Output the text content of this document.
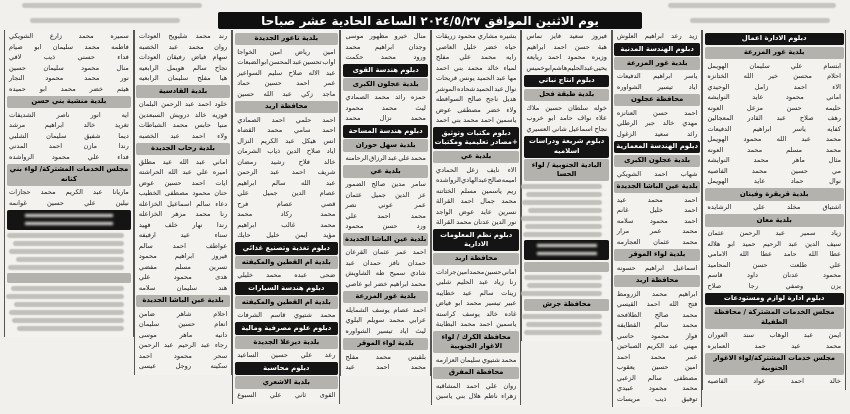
يوم الاثنين الموافق ٢٠٢٤/٥/٢٧ الساعة الحادية عشر صباحا
دبلوم الادارة اعمال
بلدية غور المزرعة
ابتسام
علي
سليمان
الهويمل
احلام
محسن
خير
الله
الختانزه
الاء
احمد
زامل
الوحيدي
اماني
محمود
عايد
النوايشه
حليمه
حسن
مزعل
العونه
رهف
صلاح
عبد
القادر
المعجالين
كفايه
ياسر
ابراهيم
الدفيعات
محمد
عبد
الله
محمود
الهويمل
محمد
مسلم
محمد
العونه
مثال
ماهر
محمد
النوايشه
مي
حسين
محمد
الفاصيه
نوال
حماد
عايد
الهويمل
بلدية قريقرة وفينان
اشتياق
مخلد
علي
الرشايده
بلدية معان
زياد
سمير
عبد
الرحمن
عثمان
سيف
الدين
عبد
الرحيم
حميد
ابو
هلاله
عطا
الله
حامد
عطا
الله
الامامي
علي
طلعت
حسن
المحاميد
محمود
عدنان
داود
قاسم
يزن
وصفي
رجا
صلاح
دبلوم ادارة لوازم ومستودعات
مجلس الخدمات المشتركة / محافظة الطفيلة
ايمن
عبد
الوهاب
سند
العوران
محمد
عيد
حمد
العمايره
مجلس خدمات المشتركة/لواء الاغوار الجنوبية
خالد
احمد
عواد
الفاصيه
زيد
رعد
ابراهيم
العلوش
دبلوم الهندسة المدنية
بلدية غور المزرعة
ياسر
ابراهيم
الدفيعات
اياد
تيسير
الشواوره
محافظة عجلون
احمد
حسن
العنانزه
مهدي
خالد
جبر
الرطلي
رائد
سعيد
الزغول
دبلوم الهندسة المعمارية
بلدية عجلون الكبرى
شهاب
احمد
الشويكي
بلدية عين الباشا الجديدة
احمد
محمد
عيد
احمد
خليل
غانم
احمد
محمود
سلامه
محمد
عمر
مرار
محمد
عثمان
العجارمه
بلدية لواء الموقر
اسماعيل
ابراهيم
حسونه
محافظة اربد
ابراهيم
محمد
الزرومط
فتح
الله
احمد
القيسي
محمد
صالح
الطلافحه
محمد
سالم
القطايفه
فواز
محمود
حاسي
مهني
عبد
الكريم
الصباحين
عمر
محمد
احمد
امين
حسين
يعقوب
مصطفى
سالم
الزعبي
محمد
محمود
عبيدي
توفيق
ذيب
مريسات
فيروز
سعيد
فايز
نماس
هبة
حسن
احمد
ابراهيم
وزيره
محمود
احمد
ريايعه
يحيى
عبد
الحليم
هاشم
ابو
خميس
دبلوم انتاج نباتي
بلدية طبقة فحل
خوله
سلطان
حسين
ملاك
علاء
نواف
حامد
ابو
خروب
نجاح
اسماعيل
شاني
العسيري
دبلوم شريعة ودراسات اسلاميه
البادية الجنوبية / لواء الحسا
محافظة جرش
بشيره
مشاري
محمود
زريقات
حياه
خضر
خليل
العاصي
رايه
محمد
علي
مفلح
لمياء
خالد
محمد
بني
احمد
مها
عبد
الحميد
يونس
فريحات
نوال
عبد
الحميد
شحاده
الموشر
هديل
ناجح
صالح
السوافطه
ولاء
خضر
مصطفى
عوض
ياسمين
احمد
محمد
بني
احمد
دبلوم مكتبات وتوثيق +مصادر تعليمية ومكتبات
بلدية عي
الاء
نايف
زعل
الحمادي
اميمه
صالح
عبد
الهادي
الرواشده
ريم
ياسمين
مسلم
الختاتنه
محمد
جمال
احمد
القرالة
نسرين
عايد
عوض
الواجد
نور
الدين
عدنان
محمد
القرالة
دبلوم نظم المعلومات الادارية
محافظة اربد
اماني
حسين
محمد
امين
جرادات
رنا
زياد
عبد
الحليم
شلبي
زينات
سالم
عيد
خطايبه
عبير
تيسير
محمد
ابو
فياض
غاده
خالد
يوسف
كراسنه
ياسمين
احمد
محمد
البطاينة
محافظة الكرك / لواء الاغوار الجنوبية
محمد
شتيوي
سليمان
العزازمه
محافظة المفرق
روان
علي
احمد
المشاقبه
زهراء
ناظم
هلال
بني
ياسين
منال
خيرو
مظهور
موسى
وجدان
ابراهيم
محمد
ورود
محمد
حكمت
دبلوم هندسة القوى
بلدية عجلون الكبرى
حمزه
رائد
محمد
الصمادي
ليث
محمد
محمود
محمد
نزال
محمد
دبلوم هندسة المساحة
بلدية سهل حوران
محمد
علي
عبد
الرزاق
الرحامنه
بلدية عي
سامر
مدين
صالح
الضمور
عز
الدين
جميل
عثمان
عمر
عوني
نصر
محمد
احمد
علي
ورد
حسن
محمود
بلدية عين الباشا الجديدة
احمد
عمر
عثمان
القرعان
حمدان
نافز
حمدان
عبد
شادي
سميح
طه
الشاويش
محمد
ابراهيم
خضر
ابو
عاصي
بلدية غور المزرعة
احمد
عصام
يوسف
الشمايله
عرابي
محمد
سويلم
البلوي
ليث
اياد
تيسير
الشواوره
بلدية لواء الموقر
بلقيس
محمد
مفلح
محمد
احمد
عيد
بلدية ناعور الجديدة
امين
رياض
امين
الخواجا
اواب
تحسين
عبد
المحسن
ابو
الضبعات
عبد
الاله
صلاح
سليم
السواعير
عمر
احمد
حسين
حماد
ماجد
زكي
عبد
الله
حسين
محافظة اربد
احمد
حلمي
احمد
الصمادي
احمد
سامي
محمد
القضاه
انس
هيكل
عبد
الكريم
النزال
اياد
صلاح
الدين
ذياب
الشرمان
خالد
فلاح
رشيد
رمضان
شريف
احمد
عبد
الرحمن
عبد
الله
سالم
ابراهيم
عصام
الدين
جميل
علي
قصي
عصام
فرح
محمد
ركاد
محمد
محمد
غالب
ابراهيم
مؤيد
ايمن
خليل
حايك
دبلوم تغذية وتصنيع غذائي
بلدية ام القطين والمكيفته
ضحى
عبده
محمد
خليلي
دبلوم هندسة السيارات
بلدية ام القطين والمكيفته
محمد
شتيوي
قاسم
الشرفات
دبلوم علوم مصرفية ومالية
بلدية ديرعلا الجديدة
رعد
علي
حسين
الساعيد
دبلوم محاسبة
بلدية الاشعري
القوى
ثاني
علي
السبوع
رند
محمد
شليويح
العودات
روان
محمد
عبد
الخصبه
سهام
فياض
رفيقان
العودات
نجاح
سالم
هويمل
الرابعيه
هيا
مفلح
سليمان
الرابعيه
بلدية القادسية
خلود
احمد
عبد
الرحمن
البلمان
فوزيه
خالد
درويش
السبعدين
منيا
حابس
محمد
الشباطات
ولاء
احمد
عبد
الخصبه
بلدية رحاب الجديدة
اماني
عبد
الله
عيد
مطلق
اميره
علي
عبد
الله
الحراشته
ايات
احمد
حسين
عوض
حنان
محمود
مصطفى
الخطيب
دعاء
سالم
اسماعيل
الخزاعله
رنا
محمد
مزهر
الخزاعله
رندا
نهار
خلف
فهيد
سناء
عيد
ارفيفه
عواطف
احمد
سالم
فيروز
ابراهيم
محمود
نسرين
مسلم
مفضي
هدى
محمود
علي
هند
سليمان
سلامه
بلدية عين الباشا الجديدة
احلام
شاهر
ضامن
انعام
حسين
سليمان
دانيه
ماهر
موسى
رجاء
عبد
الرحيم
عبد
الرحمن
سحر
محمود
احمد
سكينه
روجل
عيسى
سميره
محمد
زارع
الشويكي
فاطمه
محمد
سليمان
ابو
صيام
فداء
حسني
ذيب
لافي
منال
محمود
سليمان
حسين
نور
محمد
محمود
النجار
هيثم
خضر
محمد
ابو
حميده
بلدية منشية بني حسن
ايه
انور
ناصر
الشديفات
تغريد
خالد
ابراهيم
مرشد
ديما
شفيق
سليمان
الشلبي
رندا
مازن
احمد
المدني
فداء
علي
محمود
الرواشده
مجلس الخدمات المشتركة/ لواء بني كنانه
ماريانا
عبد
الكريم
محمد
حجازات
نيلين
علي
حسين
غوانمه
